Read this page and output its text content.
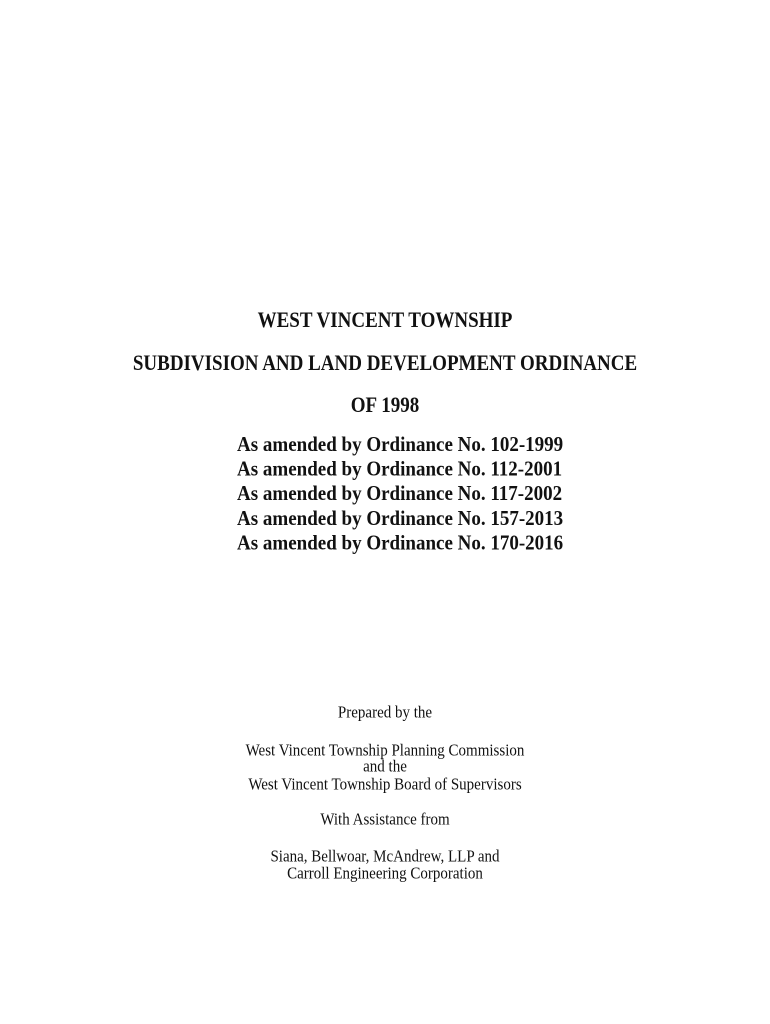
WEST VINCENT TOWNSHIP
SUBDIVISION AND LAND DEVELOPMENT ORDINANCE
OF 1998
As amended by Ordinance No. 102-1999
As amended by Ordinance No. 112-2001
As amended by Ordinance No. 117-2002
As amended by Ordinance No. 157-2013
As amended by Ordinance No. 170-2016
Prepared by the
West Vincent Township Planning Commission
and the
West Vincent Township Board of Supervisors
With Assistance from
Siana, Bellwoar, McAndrew, LLP and
Carroll Engineering Corporation
